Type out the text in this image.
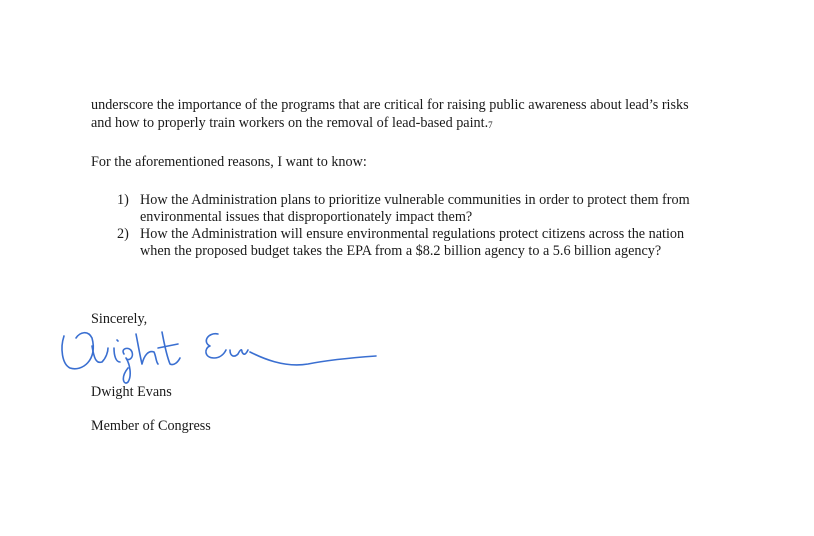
underscore the importance of the programs that are critical for raising public awareness about lead’s risks
and how to properly train workers on the removal of lead-based paint.7
For the aforementioned reasons, I want to know:
1) How the Administration plans to prioritize vulnerable communities in order to protect them from
environmental issues that disproportionately impact them?
2) How the Administration will ensure environmental regulations protect citizens across the nation
when the proposed budget takes the EPA from a $8.2 billion agency to a 5.6 billion agency?
Sincerely,
Dwight Evans
Member of Congress
